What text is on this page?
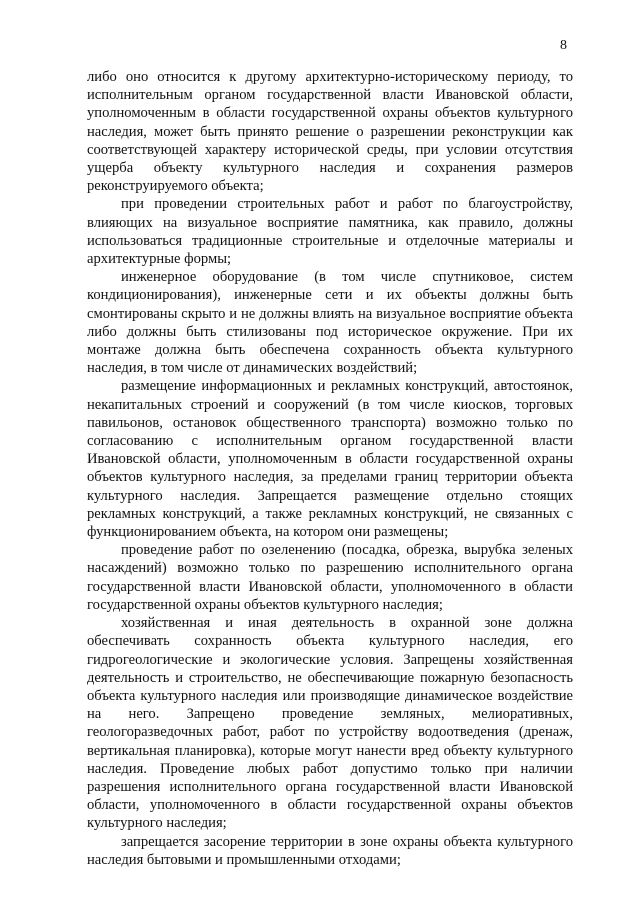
8

либо оно относится к другому архитектурно-историческому периоду, то исполнительным органом государственной власти Ивановской области, уполномоченным в области государственной охраны объектов культурного наследия, может быть принято решение о разрешении реконструкции как соответствующей характеру исторической среды, при условии отсутствия ущерба объекту культурного наследия и сохранения размеров реконструируемого объекта;

при проведении строительных работ и работ по благоустройству, влияющих на визуальное восприятие памятника, как правило, должны использоваться традиционные строительные и отделочные материалы и архитектурные формы;

инженерное оборудование (в том числе спутниковое, систем кондиционирования), инженерные сети и их объекты должны быть смонтированы скрыто и не должны влиять на визуальное восприятие объекта либо должны быть стилизованы под историческое окружение. При их монтаже должна быть обеспечена сохранность объекта культурного наследия, в том числе от динамических воздействий;

размещение информационных и рекламных конструкций, автостоянок, некапитальных строений и сооружений (в том числе киосков, торговых павильонов, остановок общественного транспорта) возможно только по согласованию с исполнительным органом государственной власти Ивановской области, уполномоченным в области государственной охраны объектов культурного наследия, за пределами границ территории объекта культурного наследия. Запрещается размещение отдельно стоящих рекламных конструкций, а также рекламных конструкций, не связанных с функционированием объекта, на котором они размещены;

проведение работ по озеленению (посадка, обрезка, вырубка зеленых насаждений) возможно только по разрешению исполнительного органа государственной власти Ивановской области, уполномоченного в области государственной охраны объектов культурного наследия;

хозяйственная и иная деятельность в охранной зоне должна обеспечивать сохранность объекта культурного наследия, его гидрогеологические и экологические условия. Запрещены хозяйственная деятельность и строительство, не обеспечивающие пожарную безопасность объекта культурного наследия или производящие динамическое воздействие на него. Запрещено проведение земляных, мелиоративных, геологоразведочных работ, работ по устройству водоотведения (дренаж, вертикальная планировка), которые могут нанести вред объекту культурного наследия. Проведение любых работ допустимо только при наличии разрешения исполнительного органа государственной власти Ивановской области, уполномоченного в области государственной охраны объектов культурного наследия;

запрещается засорение территории в зоне охраны объекта культурного наследия бытовыми и промышленными отходами;
